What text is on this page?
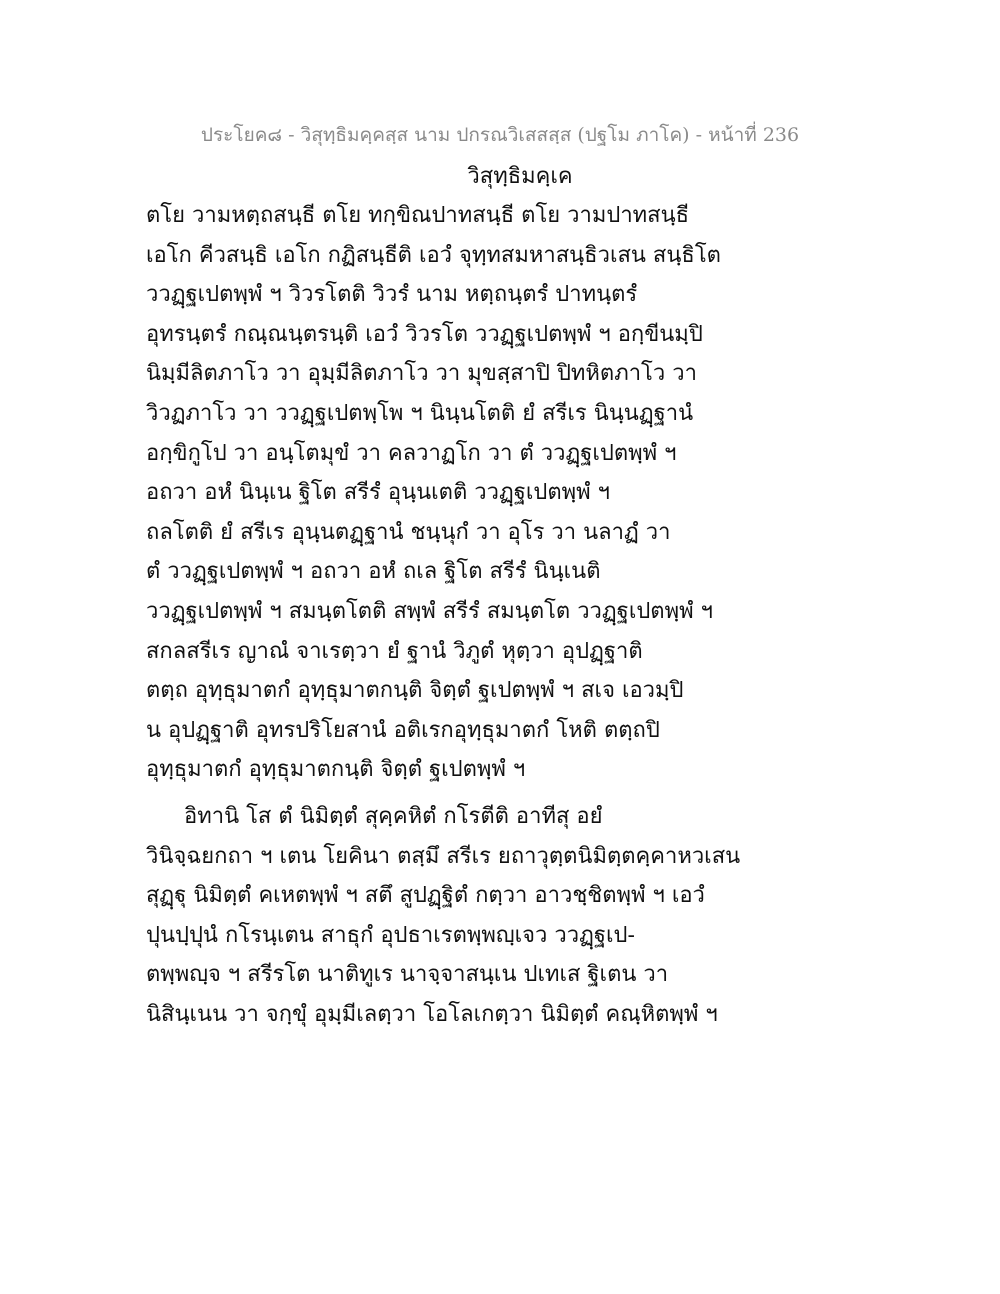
ประโยค๘ - วิสุทฺธิมคฺคสฺส นาม ปกรณวิเสสสฺส (ปฐโม ภาโค) - หน้าที่ 236
วิสุทฺธิมคฺเค
ตโย วามหตฺถสนฺธี ตโย ทกฺขิณปาทสนฺธี ตโย วามปาทสนฺธี
เอโก คีวสนฺธิ เอโก กฏิสนฺธีติ เอวํ จุทฺทสมหาสนฺธิวเสน สนฺธิโต
ววฏฺฐเปตพฺพํ ฯ วิวรโตติ วิวรํ นาม หตฺถนฺตรํ ปาทนฺตรํ
อุทรนฺตรํ กณฺณนฺตรนฺติ เอวํ วิวรโต ววฏฺฐเปตพฺพํ ฯ อกฺขีนมฺปิ
นิมฺมีลิตภาโว วา อุมฺมีลิตภาโว วา มุขสฺสาปิ ปิทหิตภาโว วา
วิวฏภาโว วา ววฏฺฐเปตพฺโพ ฯ นินฺนโตติ ยํ สรีเร นินฺนฏฺฐานํ
อกฺขิกูโป วา อนฺโตมุขํ วา คลวาฏโก วา ตํ ววฏฺฐเปตพฺพํ ฯ
อถวา อหํ นินฺเน ฐิโต สรีรํ อุนฺนเตติ ววฏฺฐเปตพฺพํ ฯ
ถลโตติ ยํ สรีเร อุนฺนตฏฺฐานํ ชนฺนุกํ วา อุโร วา นลาฏํ วา
ตํ ววฏฺฐเปตพฺพํ ฯ อถวา อหํ ถเล ฐิโต สรีรํ นินฺเนติ
ววฏฺฐเปตพฺพํ ฯ สมนฺตโตติ สพฺพํ สรีรํ สมนฺตโต ววฏฺฐเปตพฺพํ ฯ
สกลสรีเร ญาณํ จาเรตฺวา ยํ ฐานํ วิภูตํ หุตฺวา อุปฏฺฐาติ
ตตฺถ อุทฺธุมาตกํ อุทฺธุมาตกนฺติ จิตฺตํ ฐเปตพฺพํ ฯ สเจ เอวมฺปิ
น อุปฏฺฐาติ อุทรปริโยสานํ อติเรกอุทฺธุมาตกํ โหติ ตตฺถปิ
อุทฺธุมาตกํ อุทฺธุมาตกนฺติ จิตฺตํ ฐเปตพฺพํ ฯ
อิทานิ โส ตํ นิมิตฺตํ สุคฺคหิตํ กโรตีติ อาทีสุ อยํ
วินิจฺฉยกถา ฯ เตน โยคินา ตสฺมึ สรีเร ยถาวุตฺตนิมิตฺตคฺคาหวเสน
สุฏฺฐุ นิมิตฺตํ คเหตพฺพํ ฯ สตึ สูปฏฺฐิตํ กตฺวา อาวชฺชิตพฺพํ ฯ เอวํ
ปุนปฺปุนํ กโรนฺเตน สาธุกํ อุปธาเรตพฺพญฺเจว ววฏฺฐเป-
ตพฺพญฺจ ฯ สรีรโต นาติทูเร นาจฺจาสนฺเน ปเทเส ฐิเตน วา
นิสินฺเนน วา จกฺขุํ อุมฺมีเลตฺวา โอโลเกตฺวา นิมิตฺตํ คณฺหิตพฺพํ ฯ
